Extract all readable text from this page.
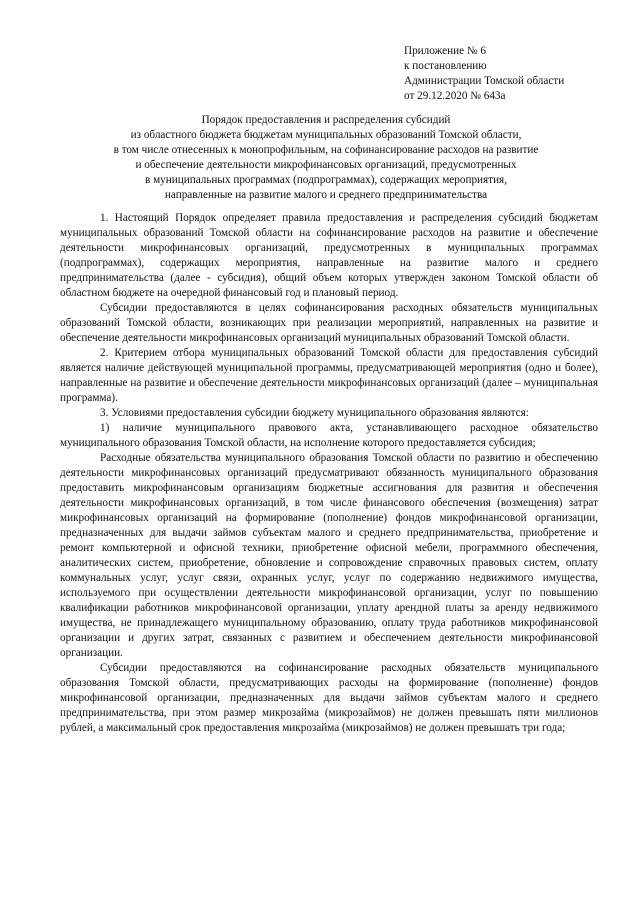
Приложение № 6
к постановлению
Администрации Томской области
от 29.12.2020 № 643а
Порядок предоставления и распределения субсидий
из областного бюджета бюджетам муниципальных образований Томской области,
в том числе отнесенных к монопрофильным, на софинансирование расходов на развитие
и обеспечение деятельности микрофинансовых организаций, предусмотренных
в муниципальных программах (подпрограммах), содержащих мероприятия,
направленные на развитие малого и среднего предпринимательства

1. Настоящий Порядок определяет правила предоставления и распределения субсидий бюджетам муниципальных образований Томской области на софинансирование расходов на развитие и обеспечение деятельности микрофинансовых организаций, предусмотренных в муниципальных программах (подпрограммах), содержащих мероприятия, направленные на развитие малого и среднего предпринимательства (далее - субсидия), общий объем которых утвержден законом Томской области об областном бюджете на очередной финансовый год и плановый период.

Субсидии предоставляются в целях софинансирования расходных обязательств муниципальных образований Томской области, возникающих при реализации мероприятий, направленных на развитие и обеспечение деятельности микрофинансовых организаций муниципальных образований Томской области.

2. Критерием отбора муниципальных образований Томской области для предоставления субсидий является наличие действующей муниципальной программы, предусматривающей мероприятия (одно и более), направленные на развитие и обеспечение деятельности микрофинансовых организаций (далее – муниципальная программа).

3. Условиями предоставления субсидии бюджету муниципального образования являются:

1) наличие муниципального правового акта, устанавливающего расходное обязательство муниципального образования Томской области, на исполнение которого предоставляется субсидия;

Расходные обязательства муниципального образования Томской области по развитию и обеспечению деятельности микрофинансовых организаций предусматривают обязанность муниципального образования предоставить микрофинансовым организациям бюджетные ассигнования для развития и обеспечения деятельности микрофинансовых организаций, в том числе финансового обеспечения (возмещения) затрат микрофинансовых организаций на формирование (пополнение) фондов микрофинансовой организации, предназначенных для выдачи займов субъектам малого и среднего предпринимательства, приобретение и ремонт компьютерной и офисной техники, приобретение офисной мебели, программного обеспечения, аналитических систем, приобретение, обновление и сопровождение справочных правовых систем, оплату коммунальных услуг, услуг связи, охранных услуг, услуг по содержанию недвижимого имущества, используемого при осуществлении деятельности микрофинансовой организации, услуг по повышению квалификации работников микрофинансовой организации, уплату арендной платы за аренду недвижимого имущества, не принадлежащего муниципальному образованию, оплату труда работников микрофинансовой организации и других затрат, связанных с развитием и обеспечением деятельности микрофинансовой организации.

Субсидии предоставляются на софинансирование расходных обязательств муниципального образования Томской области, предусматривающих расходы на формирование (пополнение) фондов микрофинансовой организации, предназначенных для выдачи займов субъектам малого и среднего предпринимательства, при этом размер микрозайма (микрозаймов) не должен превышать пяти миллионов рублей, а максимальный срок предоставления микрозайма (микрозаймов) не должен превышать три года;
